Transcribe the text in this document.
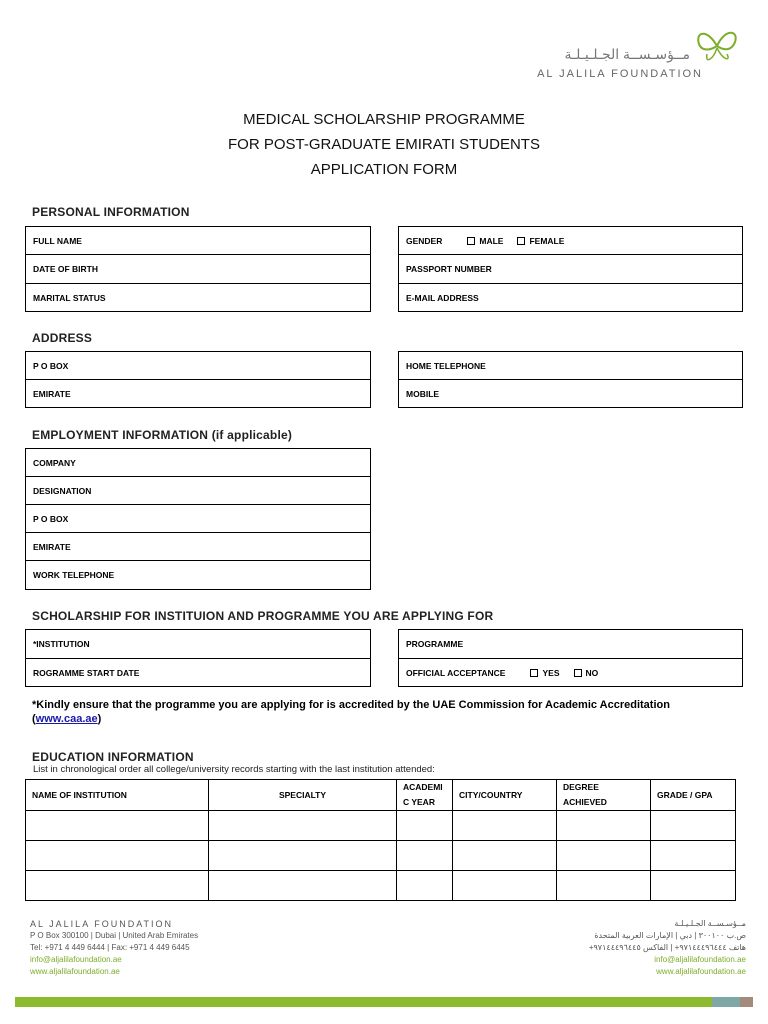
مــؤسـســة الجـلـيـلـة
AL JALILA FOUNDATION
MEDICAL SCHOLARSHIP PROGRAMME
FOR POST-GRADUATE EMIRATI STUDENTS
APPLICATION FORM
PERSONAL INFORMATION
FULL NAME
DATE OF BIRTH
MARITAL STATUS
GENDER	MALE	FEMALE
PASSPORT NUMBER
E-MAIL ADDRESS
ADDRESS
P O BOX
EMIRATE
HOME TELEPHONE
MOBILE
EMPLOYMENT INFORMATION (if applicable)
COMPANY
DESIGNATION
P O BOX
EMIRATE
WORK TELEPHONE
SCHOLARSHIP FOR INSTITUION AND PROGRAMME YOU ARE APPLYING FOR
*INSTITUTION
ROGRAMME START DATE
PROGRAMME
OFFICIAL ACCEPTANCE	YES	NO
*Kindly ensure that the programme you are applying for is accredited by the UAE Commission for Academic Accreditation
(www.caa.ae)
EDUCATION INFORMATION
List in chronological order all college/university records starting with the last institution attended:
NAME OF INSTITUTION	SPECIALTY	ACADEMI C YEAR	CITY/COUNTRY	DEGREE ACHIEVED	GRADE / GPA

AL JALILA FOUNDATION
P O Box 300100 | Dubai | United Arab Emirates
Tel: +971 4 449 6444 | Fax: +971 4 449 6445
info@aljalilafoundation.ae
www.aljalilafoundation.ae
مــؤسـســة الجـلـيـلـة
ص.ب ٣٠٠١٠٠ | دبي | الإمارات العربية المتحدة
هاتف ٩٧١٤٤٤٩٦٤٤٤+ | الفاكس ٩٧١٤٤٤٩٦٤٤٥+
info@aljalilafoundation.ae
www.aljalilafoundation.ae
